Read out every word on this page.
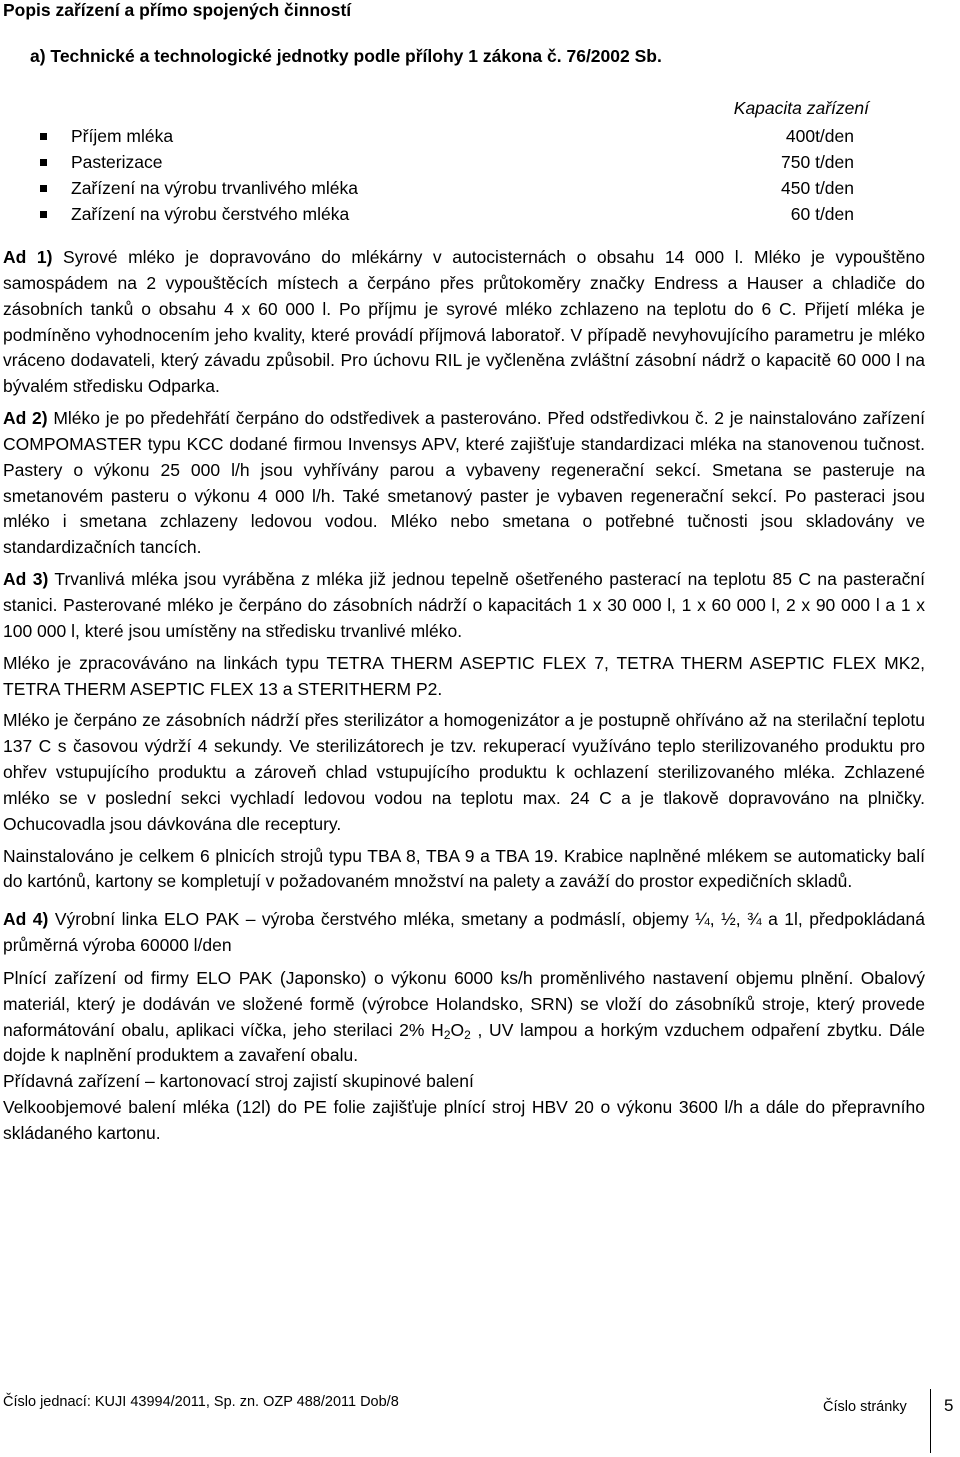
Popis zařízení a přímo spojených činností
a) Technické a technologické jednotky podle přílohy 1 zákona č. 76/2002 Sb.
Kapacita zařízení
Příjem mléka	400t/den
Pasterizace	750 t/den
Zařízení na výrobu trvanlivého mléka	450 t/den
Zařízení na výrobu čerstvého mléka	60 t/den

Ad 1) Syrové mléko je dopravováno do mlékárny v autocisternách o obsahu 14 000 l. Mléko je vypouštěno samospádem na 2 vypouštěcích místech a čerpáno přes průtokoměry značky Endress a Hauser a chladiče do zásobních tanků o obsahu 4 x 60 000 l. Po příjmu je syrové mléko zchlazeno na teplotu do 6 C. Přijetí mléka je podmíněno vyhodnocením jeho kvality, které provádí příjmová laboratoř. V případě nevyhovujícího parametru je mléko vráceno dodavateli, který závadu způsobil. Pro úchovu RIL je vyčleněna zvláštní zásobní nádrž o kapacitě 60 000 l na bývalém středisku Odparka.

Ad 2) Mléko je po předehřátí čerpáno do odstředivek a pasterováno. Před odstředivkou č. 2 je nainstalováno zařízení COMPOMASTER typu KCC dodané firmou Invensys APV, které zajišťuje standardizaci mléka na stanovenou tučnost. Pastery o výkonu 25 000 l/h jsou vyhřívány parou a vybaveny regenerační sekcí. Smetana se pasteruje na smetanovém pasteru o výkonu 4 000 l/h. Také smetanový paster je vybaven regenerační sekcí. Po pasteraci jsou mléko i smetana zchlazeny ledovou vodou. Mléko nebo smetana o potřebné tučnosti jsou skladovány ve standardizačních tancích.

Ad 3) Trvanlivá mléka jsou vyráběna z mléka již jednou tepelně ošetřeného pasterací na teplotu 85 C na pasterační stanici. Pasterované mléko je čerpáno do zásobních nádrží o kapacitách 1 x 30 000 l, 1 x 60 000 l, 2 x 90 000 l a 1 x 100 000 l, které jsou umístěny na středisku trvanlivé mléko.

Mléko je zpracováváno na linkách typu TETRA THERM ASEPTIC FLEX 7, TETRA THERM ASEPTIC FLEX MK2, TETRA THERM ASEPTIC FLEX 13 a STERITHERM P2.

Mléko je čerpáno ze zásobních nádrží přes sterilizátor a homogenizátor a je postupně ohříváno až na sterilační teplotu 137 C s časovou výdrží 4 sekundy. Ve sterilizátorech je tzv. rekuperací využíváno teplo sterilizovaného produktu pro ohřev vstupujícího produktu a zároveň chlad vstupujícího produktu k ochlazení sterilizovaného mléka. Zchlazené mléko se v poslední sekci vychladí ledovou vodou na teplotu max. 24 C a je tlakově dopravováno na plničky. Ochucovadla jsou dávkována dle receptury.

Nainstalováno je celkem 6 plnicích strojů typu TBA 8, TBA 9 a TBA 19. Krabice naplněné mlékem se automaticky balí do kartónů, kartony se kompletují v požadovaném množství na palety a zaváží do prostor expedičních skladů.

Ad 4) Výrobní linka ELO PAK – výroba čerstvého mléka, smetany a podmáslí, objemy ¼, ½, ¾ a 1l, předpokládaná průměrná výroba 60000 l/den

Plnící zařízení od firmy ELO PAK (Japonsko) o výkonu 6000 ks/h proměnlivého nastavení objemu plnění. Obalový materiál, který je dodáván ve složené formě (výrobce Holandsko, SRN) se vloží do zásobníků stroje, který provede naformátování obalu, aplikaci víčka, jeho sterilaci 2% $H_2O_2$ , UV lampou a horkým vzduchem odpaření zbytku. Dále dojde k naplnění produktem a zavaření obalu.

Přídavná zařízení – kartonovací stroj zajistí skupinové balení

Velkoobjemové balení mléka (12l) do PE folie zajišťuje plnící stroj HBV 20 o výkonu 3600 l/h a dále do přepravního skládaného kartonu.

Číslo jednací: KUJI 43994/2011, Sp. zn. OZP 488/2011 Dob/8	Číslo stránky 5
